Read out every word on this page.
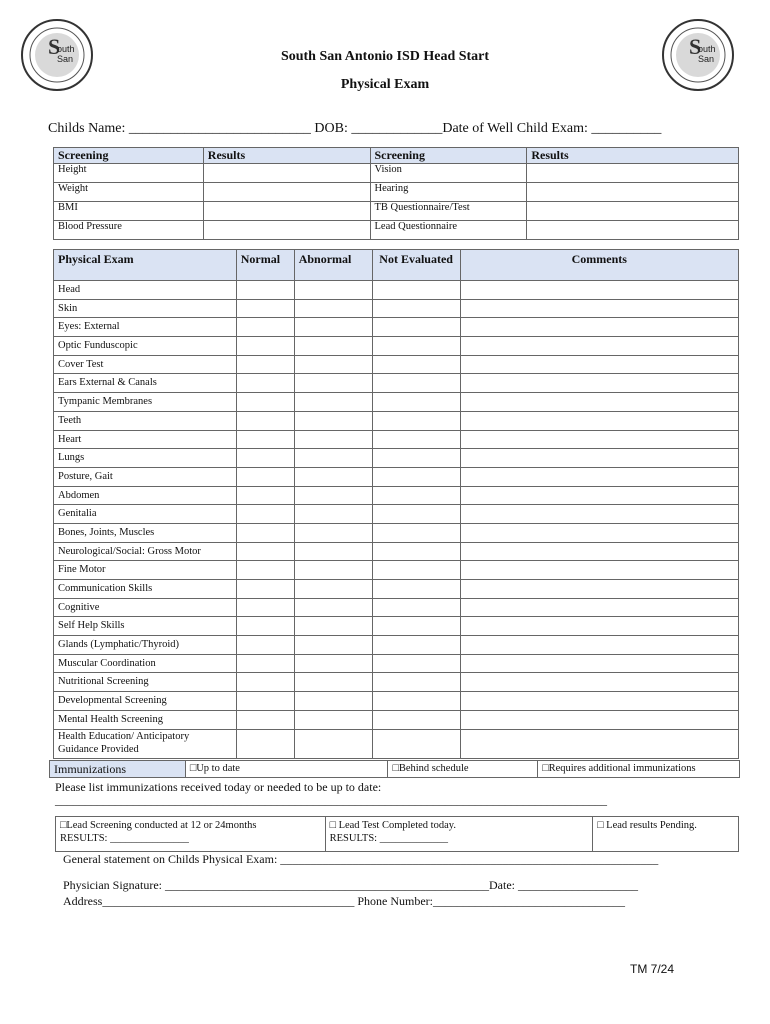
S
outh
San	S
outh
San
South San Antonio ISD Head Start
Physical Exam
Childs Name: __________________________ DOB: _____________Date of Well Child Exam: __________
Screening	Results	Screening	Results
Height		Vision	
Weight		Hearing	
BMI		TB Questionnaire/Test	
Blood Pressure		Lead Questionnaire	
Physical Exam	Normal	Abnormal	Not Evaluated	Comments
Head				
Skin				
Eyes: External				
Optic Funduscopic				
Cover Test				
Ears External & Canals				
Tympanic Membranes				
Teeth				
Heart				
Lungs				
Posture, Gait				
Abdomen				
Genitalia				
Bones, Joints, Muscles				
Neurological/Social: Gross Motor				
Fine Motor				
Communication Skills				
Cognitive				
Self Help Skills				
Glands (Lymphatic/Thyroid)				
Muscular Coordination				
Nutritional Screening				
Developmental Screening				
Mental Health Screening				
Health Education/ Anticipatory Guidance Provided				
Immunizations	□Up to date	□Behind schedule	□Requires additional immunizations
Please list immunizations received today or needed to be up to date:
____________________________________________________________________________________________
□Lead Screening conducted at 12 or 24months
RESULTS: _______________

□ Lead Test Completed today.
RESULTS: _____________

□ Lead results Pending.
General statement on Childs Physical Exam: _______________________________________________________________
Physician Signature: ______________________________________________________Date: ____________________
Address__________________________________________ Phone Number:________________________________
TM 7/24
